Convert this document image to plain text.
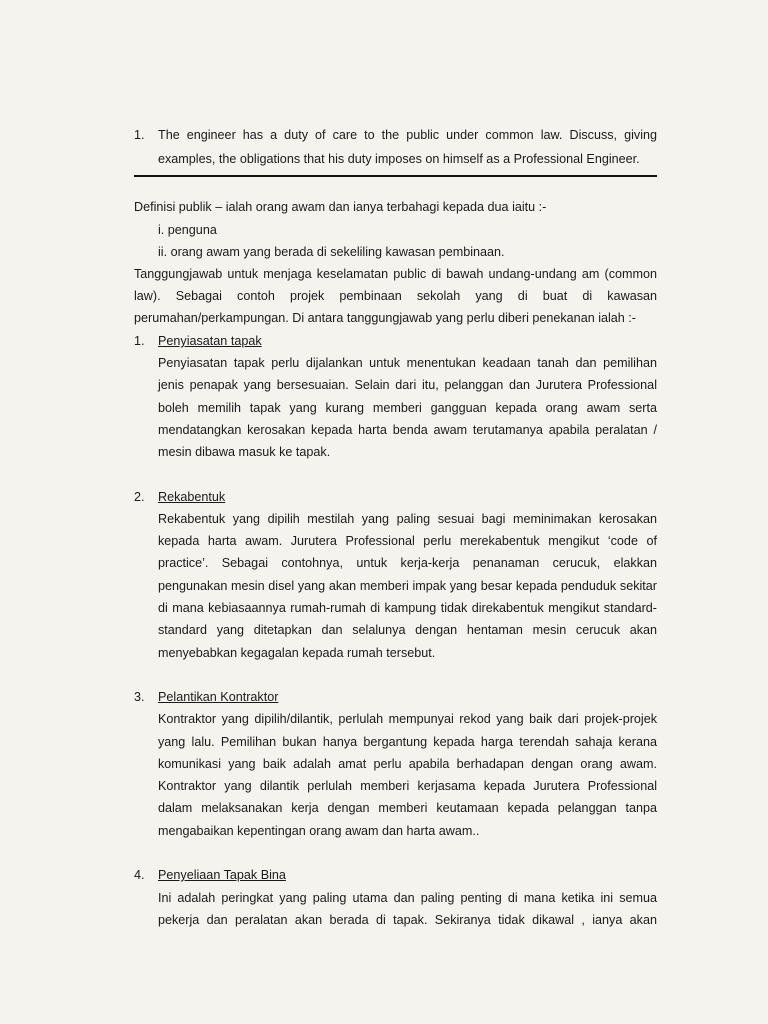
1. The engineer has a duty of care to the public under common law. Discuss, giving
examples, the obligations that his duty imposes on himself as a Professional Engineer.
Definisi publik – ialah orang awam dan ianya terbahagi kepada dua iaitu :-
i. penguna
ii. orang awam yang berada di sekeliling kawasan pembinaan.
Tanggungjawab untuk menjaga keselamatan public di bawah undang-undang am (common
law). Sebagai contoh projek pembinaan sekolah yang di buat di kawasan
perumahan/perkampungan. Di antara tanggungjawab yang perlu diberi penekanan ialah :-
1. Penyiasatan tapak
Penyiasatan tapak perlu dijalankan untuk menentukan keadaan tanah dan pemilihan
jenis penapak yang bersesuaian. Selain dari itu, pelanggan dan Jurutera Professional
boleh memilih tapak yang kurang memberi gangguan kepada orang awam serta
mendatangkan kerosakan kepada harta benda awam terutamanya apabila peralatan /
mesin dibawa masuk ke tapak.
2. Rekabentuk
Rekabentuk yang dipilih mestilah yang paling sesuai bagi meminimakan kerosakan
kepada harta awam. Jurutera Professional perlu merekabentuk mengikut ‘code of
practice’. Sebagai contohnya, untuk kerja-kerja penanaman cerucuk, elakkan
pengunakan mesin disel yang akan memberi impak yang besar kepada penduduk sekitar
di mana kebiasaannya rumah-rumah di kampung tidak direkabentuk mengikut standard-
standard yang ditetapkan dan selalunya dengan hentaman mesin cerucuk akan
menyebabkan kegagalan kepada rumah tersebut.
3. Pelantikan Kontraktor
Kontraktor yang dipilih/dilantik, perlulah mempunyai rekod yang baik dari projek-projek
yang lalu. Pemilihan bukan hanya bergantung kepada harga terendah sahaja kerana
komunikasi yang baik adalah amat perlu apabila berhadapan dengan orang awam.
Kontraktor yang dilantik perlulah memberi kerjasama kepada Jurutera Professional
dalam melaksanakan kerja dengan memberi keutamaan kepada pelanggan tanpa
mengabaikan kepentingan orang awam dan harta awam..
4. Penyeliaan Tapak Bina
Ini adalah peringkat yang paling utama dan paling penting di mana ketika ini semua
pekerja dan peralatan akan berada di tapak. Sekiranya tidak dikawal , ianya akan
